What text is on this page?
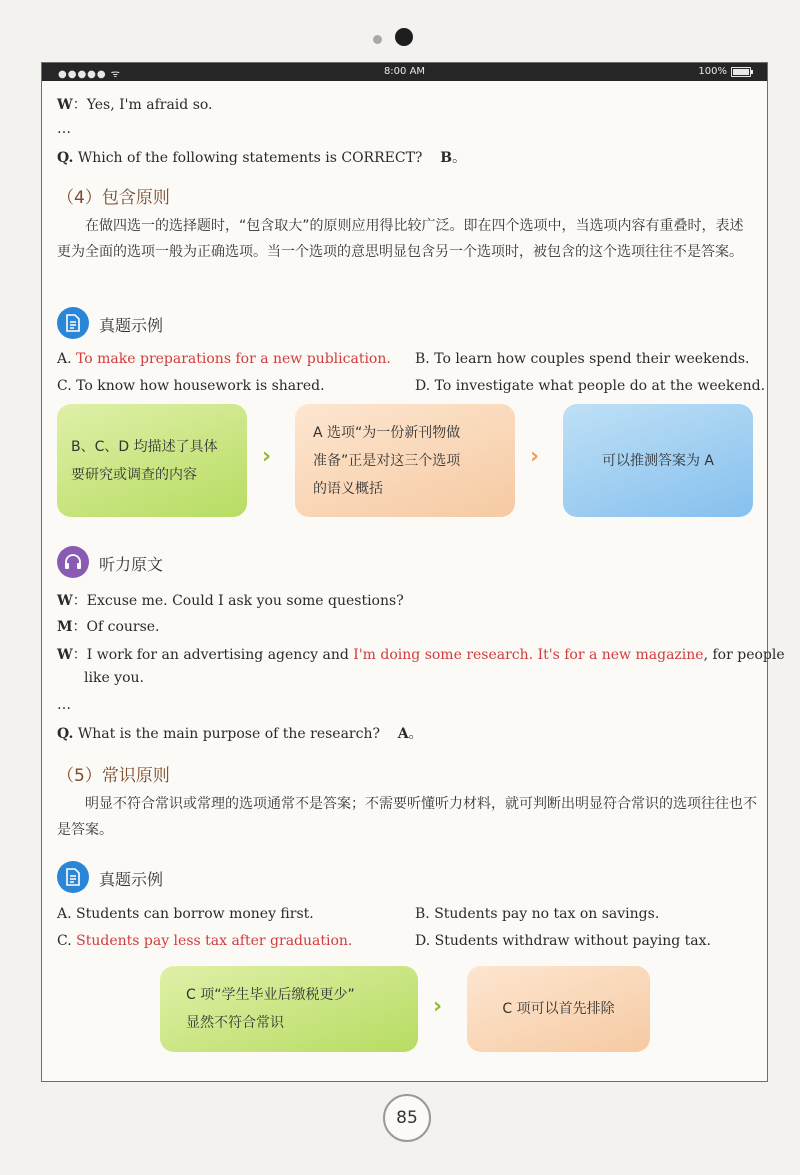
●●●●● ᯤ	8:00 AM	100%
W：Yes, I'm afraid so.
…
Q. Which of the following statements is CORRECT? B。
（4）包含原则
在做四选一的选择题时，“包含取大”的原则应用得比较广泛。即在四个选项中，当选项内容有重叠时，表述更为全面的选项一般为正确选项。当一个选项的意思明显包含另一个选项时，被包含的这个选项往往不是答案。
真题示例
A. To make preparations for a new publication. B. To learn how couples spend their weekends.
C. To know how housework is shared.	D. To investigate what people do at the weekend.
B、C、D 均描述了具体
要研究或调查的内容
›
A 选项“为一份新刊物做
准备”正是对这三个选项
的语义概括
›	可以推测答案为 A
听力原文
W：Excuse me. Could I ask you some questions?
M：Of course.
W：I work for an advertising agency and I'm doing some research. It's for a new magazine, for people
like you.
…
Q. What is the main purpose of the research? A。
（5）常识原则
明显不符合常识或常理的选项通常不是答案；不需要听懂听力材料，就可判断出明显符合常识的选项往往也不是答案。
真题示例
A. Students can borrow money first.	B. Students pay no tax on savings.
C. Students pay less tax after graduation.	D. Students withdraw without paying tax.
C 项“学生毕业后缴税更少”
显然不符合常识
›	C 项可以首先排除
85
